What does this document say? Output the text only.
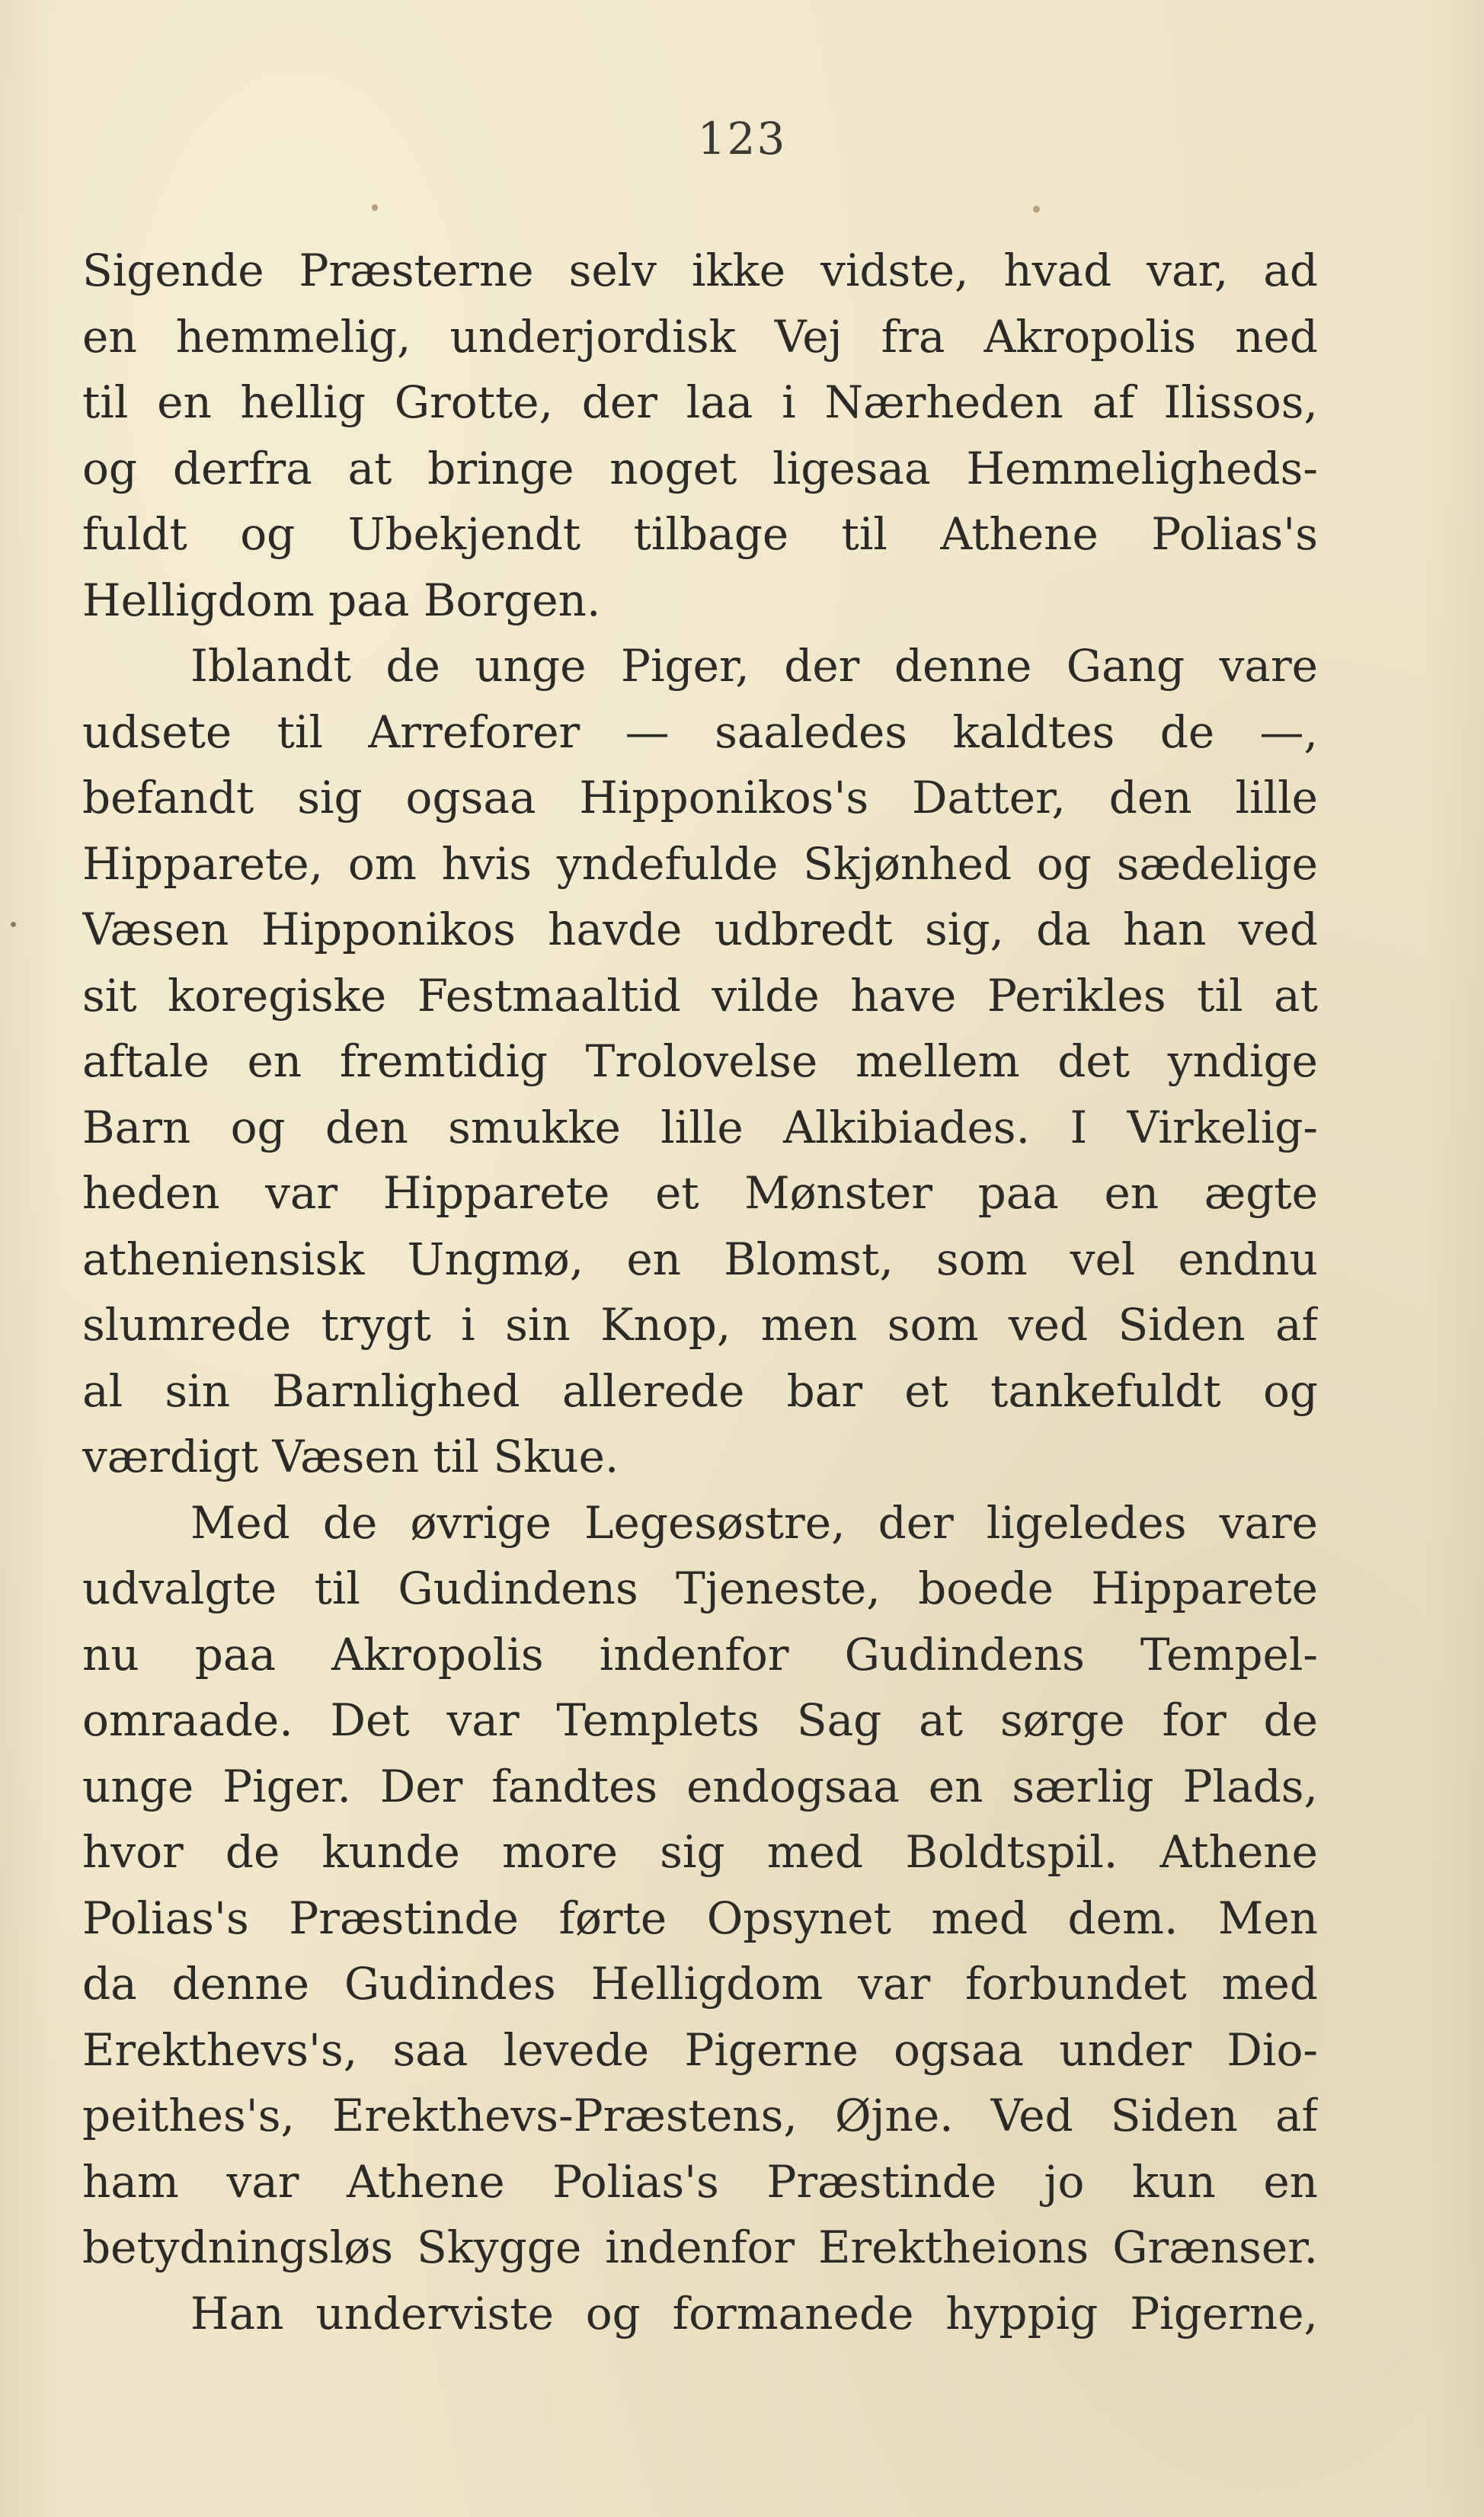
123
Sigende Præsterne selv ikke vidste, hvad var, ad
en hemmelig, underjordisk Vej fra Akropolis ned
til en hellig Grotte, der laa i Nærheden af Ilissos,
og derfra at bringe noget ligesaa Hemmeligheds-
fuldt og Ubekjendt tilbage til Athene Polias's
Helligdom paa Borgen.
Iblandt de unge Piger, der denne Gang vare
udsete til Arreforer — saaledes kaldtes de —,
befandt sig ogsaa Hipponikos's Datter, den lille
Hipparete, om hvis yndefulde Skjønhed og sædelige
Væsen Hipponikos havde udbredt sig, da han ved
sit koregiske Festmaaltid vilde have Perikles til at
aftale en fremtidig Trolovelse mellem det yndige
Barn og den smukke lille Alkibiades. I Virkelig-
heden var Hipparete et Mønster paa en ægte
atheniensisk Ungmø, en Blomst, som vel endnu
slumrede trygt i sin Knop, men som ved Siden af
al sin Barnlighed allerede bar et tankefuldt og
værdigt Væsen til Skue.
Med de øvrige Legesøstre, der ligeledes vare
udvalgte til Gudindens Tjeneste, boede Hipparete
nu paa Akropolis indenfor Gudindens Tempel-
omraade. Det var Templets Sag at sørge for de
unge Piger. Der fandtes endogsaa en særlig Plads,
hvor de kunde more sig med Boldtspil. Athene
Polias's Præstinde førte Opsynet med dem. Men
da denne Gudindes Helligdom var forbundet med
Erekthevs's, saa levede Pigerne ogsaa under Dio-
peithes's, Erekthevs-Præstens, Øjne. Ved Siden af
ham var Athene Polias's Præstinde jo kun en
betydningsløs Skygge indenfor Erektheions Grænser.
Han underviste og formanede hyppig Pigerne,
